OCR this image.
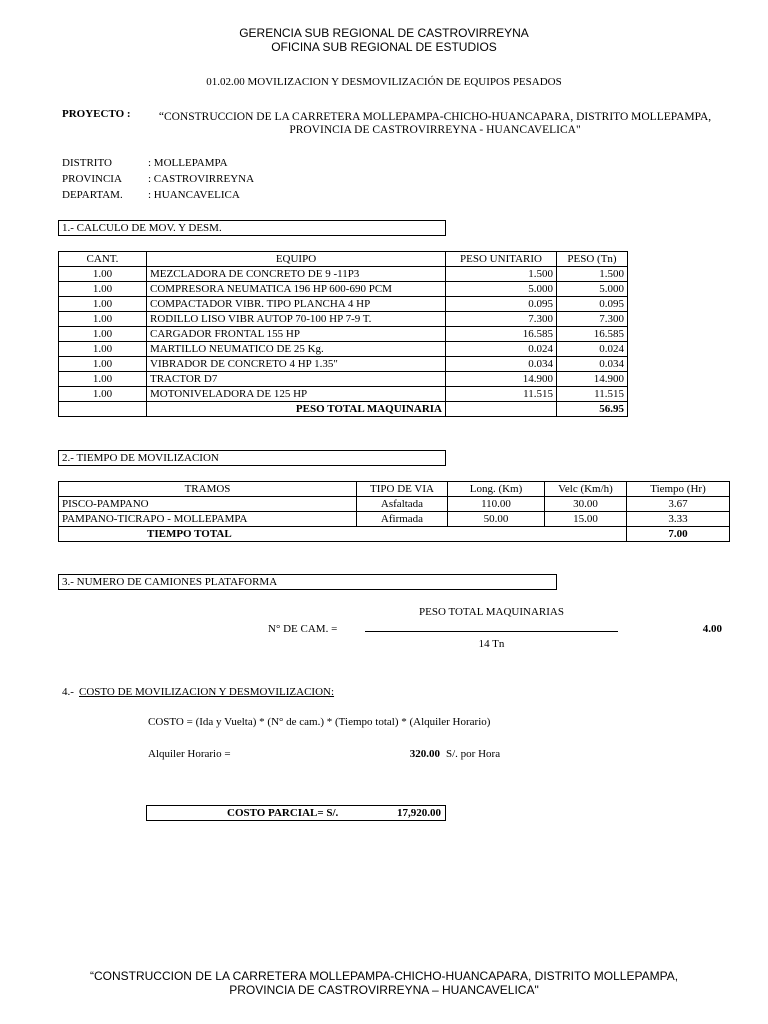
GERENCIA SUB REGIONAL DE CASTROVIRREYNA
OFICINA SUB REGIONAL DE ESTUDIOS
01.02.00 MOVILIZACION Y DESMOVILIZACIÓN DE EQUIPOS PESADOS
PROYECTO :	“CONSTRUCCION DE LA CARRETERA MOLLEPAMPA-CHICHO-HUANCAPARA, DISTRITO MOLLEPAMPA,
PROVINCIA DE CASTROVIRREYNA - HUANCAVELICA"
DISTRITO	: MOLLEPAMPA
PROVINCIA : CASTROVIRREYNA
DEPARTAM. : HUANCAVELICA
1.- CALCULO DE MOV. Y DESM.
CANT.	EQUIPO	PESO UNITARIO	PESO (Tn)
1.00	MEZCLADORA DE CONCRETO DE 9 -11P3	1.500	1.500
1.00	COMPRESORA NEUMATICA 196 HP 600-690 PCM	5.000	5.000
1.00	COMPACTADOR VIBR. TIPO PLANCHA 4 HP	0.095	0.095
1.00	RODILLO LISO VIBR AUTOP 70-100 HP 7-9 T.	7.300	7.300
1.00	CARGADOR FRONTAL 155 HP	16.585	16.585
1.00	MARTILLO NEUMATICO DE 25 Kg.	0.024	0.024
1.00	VIBRADOR DE CONCRETO 4 HP 1.35"	0.034	0.034
1.00	TRACTOR D7	14.900	14.900
1.00	MOTONIVELADORA DE 125 HP	11.515	11.515
	PESO TOTAL MAQUINARIA		56.95
2.- TIEMPO DE MOVILIZACION
TRAMOS	TIPO DE VIA	Long. (Km)	Velc (Km/h)	Tiempo (Hr)
PISCO-PAMPANO	Asfaltada	110.00	30.00	3.67
PAMPANO-TICRAPO - MOLLEPAMPA	Afirmada	50.00	15.00	3.33
TIEMPO TOTAL				7.00
3.- NUMERO DE CAMIONES PLATAFORMA
PESO TOTAL MAQUINARIAS
N° DE CAM. =
14 Tn
4.00
4.- COSTO DE MOVILIZACION Y DESMOVILIZACION:
COSTO = (Ida y Vuelta) * (N° de cam.) * (Tiempo total) * (Alquiler Horario)
Alquiler Horario =	320.00 S/. por Hora
COSTO PARCIAL= S/.	17,920.00
“CONSTRUCCION DE LA CARRETERA MOLLEPAMPA-CHICHO-HUANCAPARA, DISTRITO MOLLEPAMPA,
PROVINCIA DE CASTROVIRREYNA – HUANCAVELICA"
